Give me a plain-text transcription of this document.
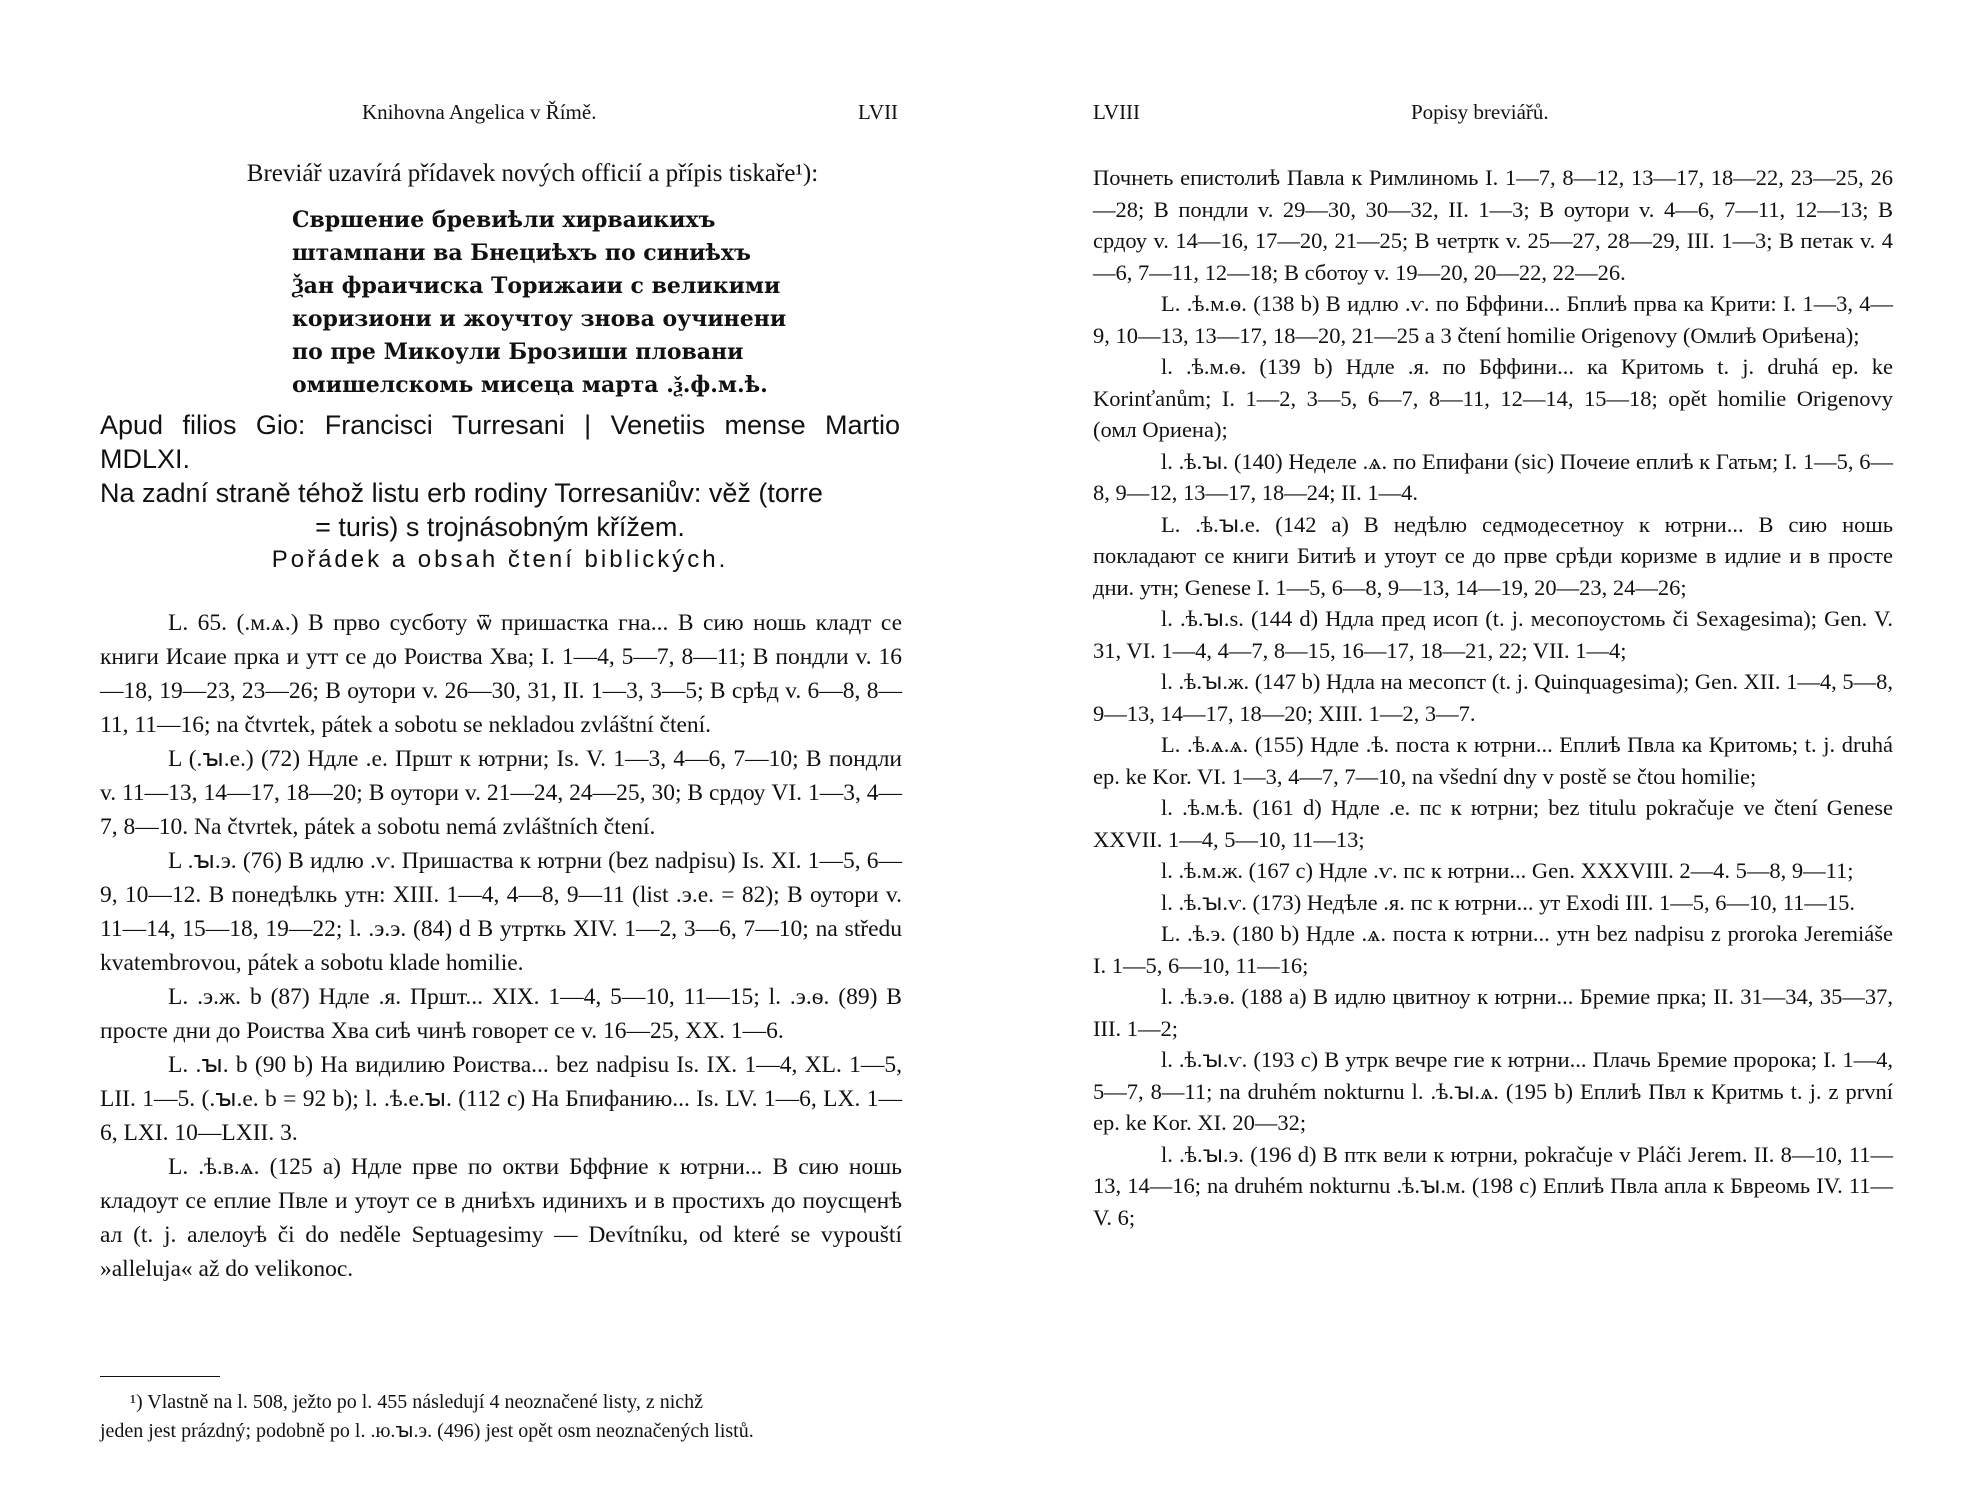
Knihovna Angelica v Římě.	LVII
Breviář uzavírá přídavek nových officií a přípis tiskaře¹):
Свршение бревиѣли хирваикихъ
штампани ва Бнециѣхъ по синиѣхъ
Ѯан фраичиска Торижаии с великими
коризиони и жоучтоу знова оучинени
по пре Микоули Брозиши пловани
омишелскомь мисеца марта .ѯ.ф.м.ѣ.

Apud filios Gio: Francisci Turresani | Venetiis mense Martio MDLXI.

Na zadní straně téhož listu erb rodiny Torresaniův: věž (torre

= turis) s trojnásobným křížem.

Pořádek a obsah čtení biblických.

L. 65. (.м.ѧ.) В прво сусботу ѿ пришастка гна... В сию ношь кладт се книги Исаие прка и утт се до Роиства Хва; I. 1—4, 5—7, 8—11; В пондли v. 16—18, 19—23, 23—26; В оутори v. 26—30, 31, II. 1—3, 3—5; В срѣд v. 6—8, 8—11, 11—16; na čtvrtek, pátek a sobotu se nekladou zvláštní čtení.

L (.ꙑ.е.) (72) Ндле .е. Пршт к ютрни; Is. V. 1—3, 4—6, 7—10; В пондли v. 11—13, 14—17, 18—20; В оутори v. 21—24, 24—25, 30; В срдоу VI. 1—3, 4—7, 8—10. Na čtvrtek, pátek a sobotu nemá zvláštních čtení.

L .ꙑ.э. (76) В идлю .ѵ. Пришаства к ютрни (bez nadpisu) Is. XI. 1—5, 6—9, 10—12. В понедѣлкь утн: XIII. 1—4, 4—8, 9—11 (list .э.е. = 82); В оутори v. 11—14, 15—18, 19—22; l. .э.э. (84) d В утрткь XIV. 1—2, 3—6, 7—10; na středu kvatembrovou, pátek a sobotu klade homilie.

L. .э.ж. b (87) Ндле .я. Пршт... XIX. 1—4, 5—10, 11—15; l. .э.ѳ. (89) В просте дни до Роиства Хва сиѣ чинѣ говорет се v. 16—25, XX. 1—6.

L. .ꙑ. b (90 b) На видилию Роиства... bez nadpisu Is. IX. 1—4, XL. 1—5, LII. 1—5. (.ꙑ.е. b = 92 b); l. .ѣ.е.ꙑ. (112 c) На Бпифанию... Is. LV. 1—6, LX. 1—6, LXI. 10—LXII. 3.

L. .ѣ.в.ѧ. (125 a) Ндле прве по октви Бффние к ютрни... В сию ношь кладоут се еплие Пвле и утоут се в дниѣхъ идинихъ и в простихъ до поусщенѣ ал (t. j. алелоуѣ či do neděle Septuagesimy — Devítníku, od které se vypouští »alleluja« až do velikonoc.

¹) Vlastně na l. 508, ježto po l. 455 následují 4 neoznačené listy, z nichž

jeden jest prázdný; podobně po l. .ю.ꙑ.э. (496) jest opět osm neoznačených listů.

LVIII	Popisy breviářů.

Почнеть епистолиѣ Павла к Римлиномь I. 1—7, 8—12, 13—17, 18—22, 23—25, 26—28; В пондли v. 29—30, 30—32, II. 1—3; В оутори v. 4—6, 7—11, 12—13; В срдоу v. 14—16, 17—20, 21—25; В четртк v. 25—27, 28—29, III. 1—3; В петак v. 4—6, 7—11, 12—18; В сботоу v. 19—20, 20—22, 22—26.

L. .ѣ.м.ѳ. (138 b) В идлю .ѵ. по Бффини... Бплиѣ прва ка Крити: I. 1—3, 4—9, 10—13, 13—17, 18—20, 21—25 a 3 čtení homilie Origenovy (Омлиѣ Ориѣена);

l. .ѣ.м.ѳ. (139 b) Ндле .я. по Бффини... ка Критомь t. j. druhá ep. ke Korinťanům; I. 1—2, 3—5, 6—7, 8—11, 12—14, 15—18; opět homilie Origenovy (омл Ориена);

l. .ѣ.ꙑ. (140) Неделе .ѧ. по Епифани (sic) Почеие еплиѣ к Гатьм; I. 1—5, 6—8, 9—12, 13—17, 18—24; II. 1—4.

L. .ѣ.ꙑ.е. (142 a) В недѣлю седмодесетноу к ютрни... В сию ношь покладают се книги Битиѣ и утоут се до прве срѣди коризме в идлие и в просте дни. утн; Genese I. 1—5, 6—8, 9—13, 14—19, 20—23, 24—26;

l. .ѣ.ꙑ.ѕ. (144 d) Ндла пред исоп (t. j. месопоустомь či Sexagesima); Gen. V. 31, VI. 1—4, 4—7, 8—15, 16—17, 18—21, 22; VII. 1—4;

l. .ѣ.ꙑ.ж. (147 b) Ндла на месопст (t. j. Quinquagesima); Gen. XII. 1—4, 5—8, 9—13, 14—17, 18—20; XIII. 1—2, 3—7.

L. .ѣ.ѧ.ѧ. (155) Ндле .ѣ. поста к ютрни... Еплиѣ Пвла ка Критомь; t. j. druhá ep. ke Kor. VI. 1—3, 4—7, 7—10, na všední dny v postě se čtou homilie;

l. .ѣ.м.ѣ. (161 d) Ндле .е. пс к ютрни; bez titulu pokračuje ve čtení Genese XXVII. 1—4, 5—10, 11—13;

l. .ѣ.м.ж. (167 c) Ндле .ѵ. пс к ютрни... Gen. XXXVIII. 2—4. 5—8, 9—11;

l. .ѣ.ꙑ.ѵ. (173) Недѣле .я. пс к ютрни... ут Exodi III. 1—5, 6—10, 11—15.

L. .ѣ.э. (180 b) Ндле .ѧ. поста к ютрни... утн bez nadpisu z proroka Jeremiáše I. 1—5, 6—10, 11—16;

l. .ѣ.э.ѳ. (188 a) В идлю цвитноу к ютрни... Бремие прка; II. 31—34, 35—37, III. 1—2;

l. .ѣ.ꙑ.ѵ. (193 c) В утрк вечре гие к ютрни... Плачь Бремие пророка; I. 1—4, 5—7, 8—11; na druhém nokturnu l. .ѣ.ꙑ.ѧ. (195 b) Еплиѣ Пвл к Критмь t. j. z první ep. ke Kor. XI. 20—32;

l. .ѣ.ꙑ.э. (196 d) В птк вели к ютрни, pokračuje v Pláči Jerem. II. 8—10, 11—13, 14—16; na druhém nokturnu .ѣ.ꙑ.м. (198 c) Еплиѣ Пвла апла к Бвреомь IV. 11—V. 6;
